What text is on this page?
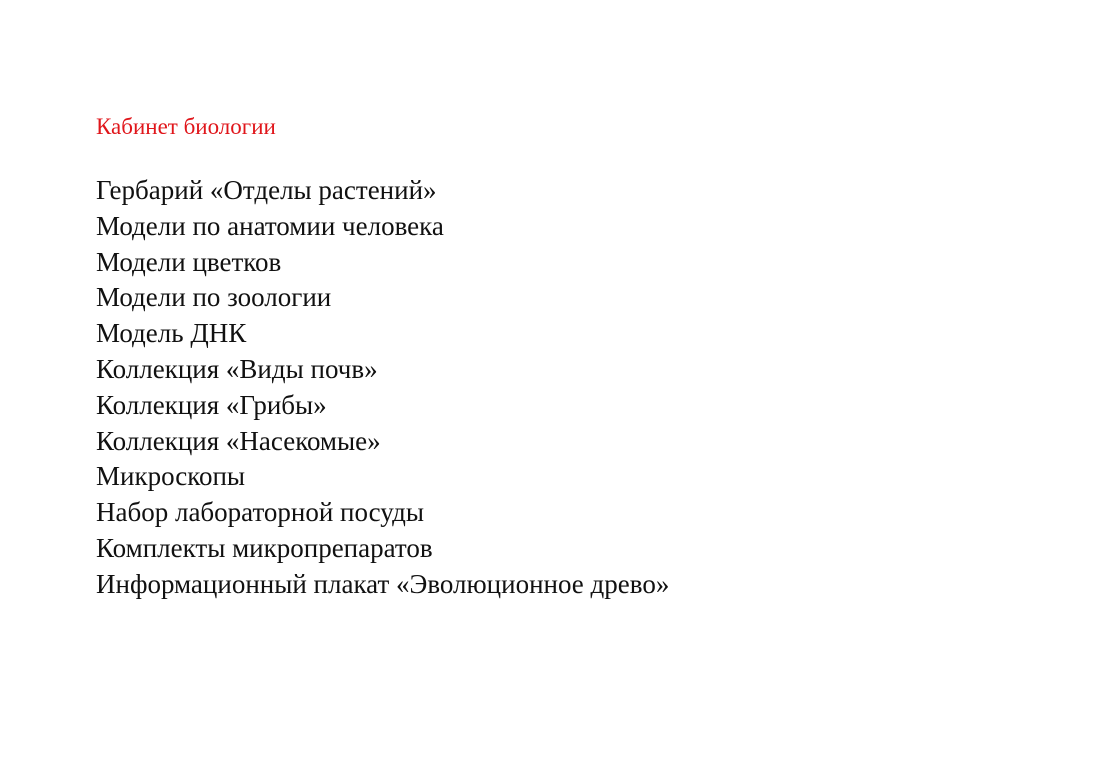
Кабинет биологии
Гербарий «Отделы растений»
Модели по анатомии человека
Модели цветков
Модели по зоологии
Модель ДНК
Коллекция «Виды почв»
Коллекция «Грибы»
Коллекция «Насекомые»
Микроскопы
Набор лабораторной посуды
Комплекты микропрепаратов
Информационный плакат «Эволюционное древо»
